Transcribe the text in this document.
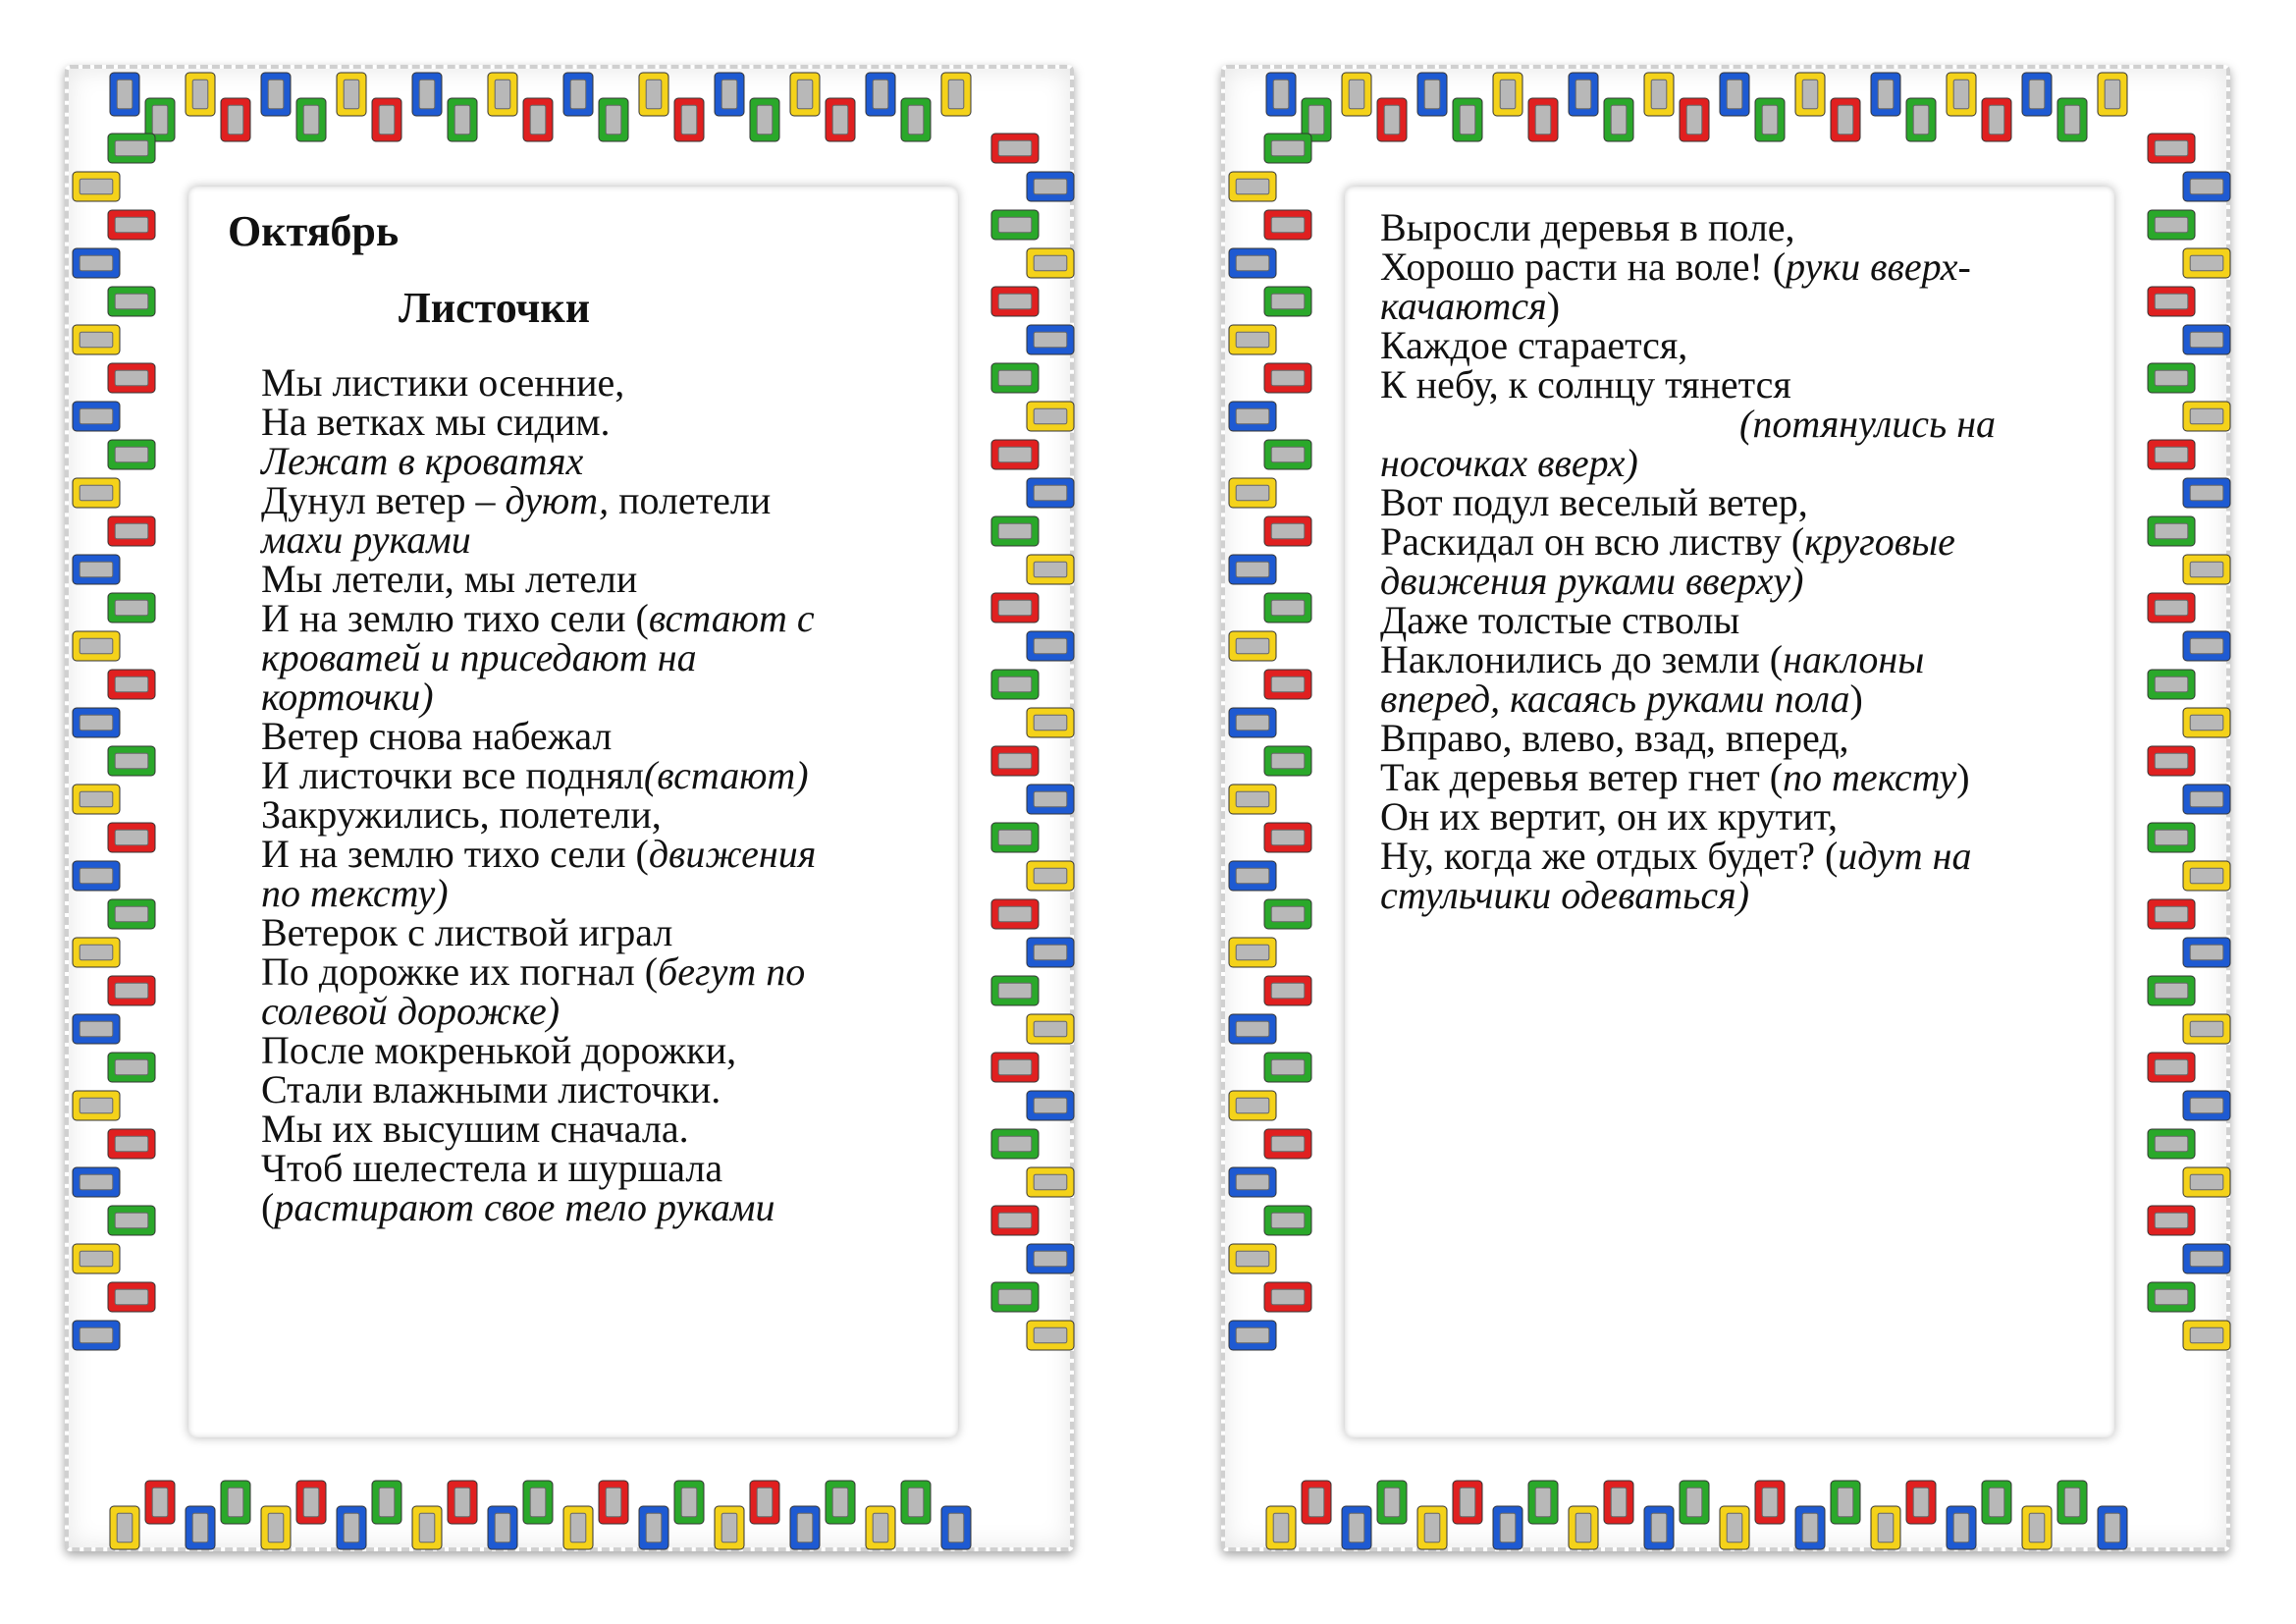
Октябрь
Листочки
Мы листики осенние,
На ветках мы сидим.
Лежат в кроватях
Дунул ветер – дуют, полетели
махи руками
Мы летели, мы летели
И на землю тихо сели (встают с
кроватей и приседают на
корточки)
Ветер снова набежал
И листочки все поднял(встают)
Закружились, полетели,
И на землю тихо сели (движения
по тексту)
Ветерок с листвой играл
По дорожке их погнал (бегут по
солевой дорожке)
После мокренькой дорожки,
Стали влажными листочки.
Мы их высушим сначала.
Чтоб шелестела и шуршала
(растирают свое тело руками
Выросли деревья в поле,
Хорошо расти на воле! (руки вверх-
качаются)
Каждое старается,
К небу, к солнцу тянется
(потянулись на
носочках вверх)
Вот подул веселый ветер,
Раскидал он всю листву (круговые
движения руками вверху)
Даже толстые стволы
Наклонились до земли (наклоны
вперед, касаясь руками пола)
Вправо, влево, взад, вперед,
Так деревья ветер гнет (по тексту)
Он их вертит, он их крутит,
Ну, когда же отдых будет? (идут на
стульчики одеваться)
